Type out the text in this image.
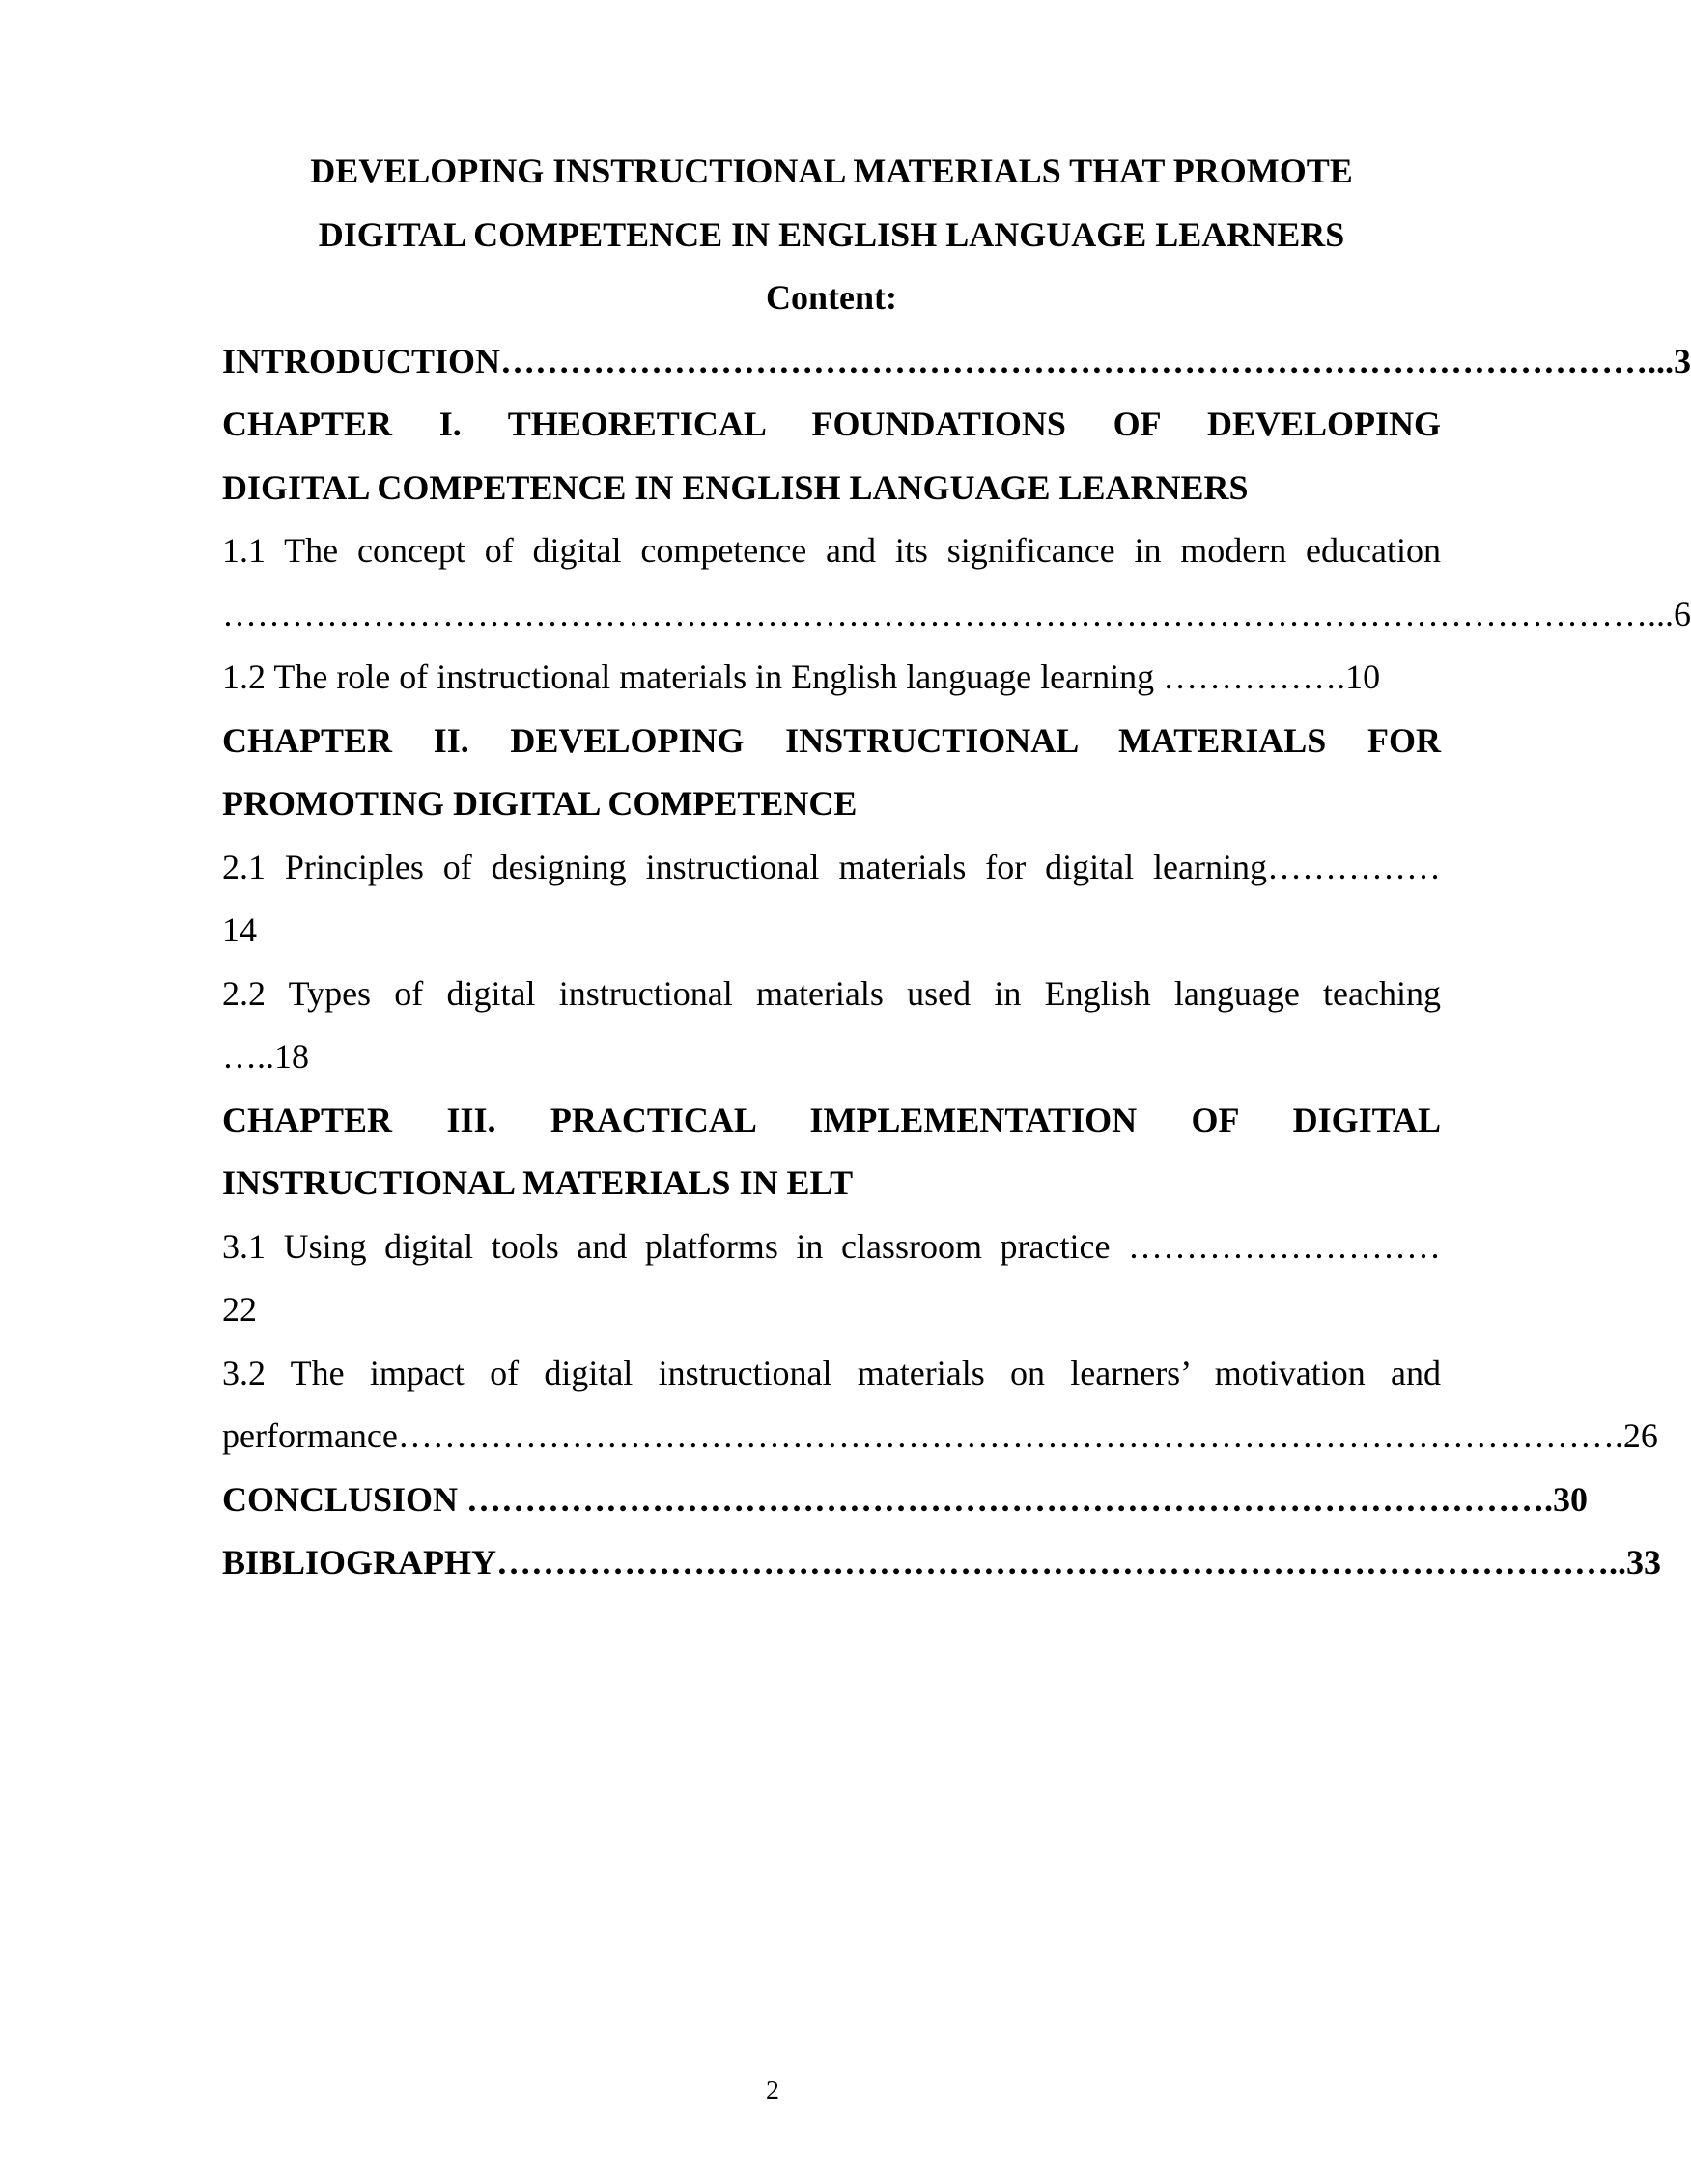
DEVELOPING INSTRUCTIONAL MATERIALS THAT PROMOTE
DIGITAL COMPETENCE IN ENGLISH LANGUAGE LEARNERS
Content:
INTRODUCTION………………………………………………………………………………………...3
CHAPTER I. THEORETICAL FOUNDATIONS OF DEVELOPING
DIGITAL COMPETENCE IN ENGLISH LANGUAGE LEARNERS
1.1 The concept of digital competence and its significance in modern education
……………………………………………………………………………………………………………...6
1.2 The role of instructional materials in English language learning …………….10
CHAPTER II. DEVELOPING INSTRUCTIONAL MATERIALS FOR
PROMOTING DIGITAL COMPETENCE
2.1 Principles of designing instructional materials for digital learning……………
14
2.2 Types of digital instructional materials used in English language teaching
…..18
CHAPTER III. PRACTICAL IMPLEMENTATION OF DIGITAL
INSTRUCTIONAL MATERIALS IN ELT
3.1 Using digital tools and platforms in classroom practice ………………………
22
3.2 The impact of digital instructional materials on learners’ motivation and
performance…………………………………………………………………………………………….26
CONCLUSION ………………………………………………………………………………….30
BIBLIOGRAPHY……………………………………………………………………………………..33
2
